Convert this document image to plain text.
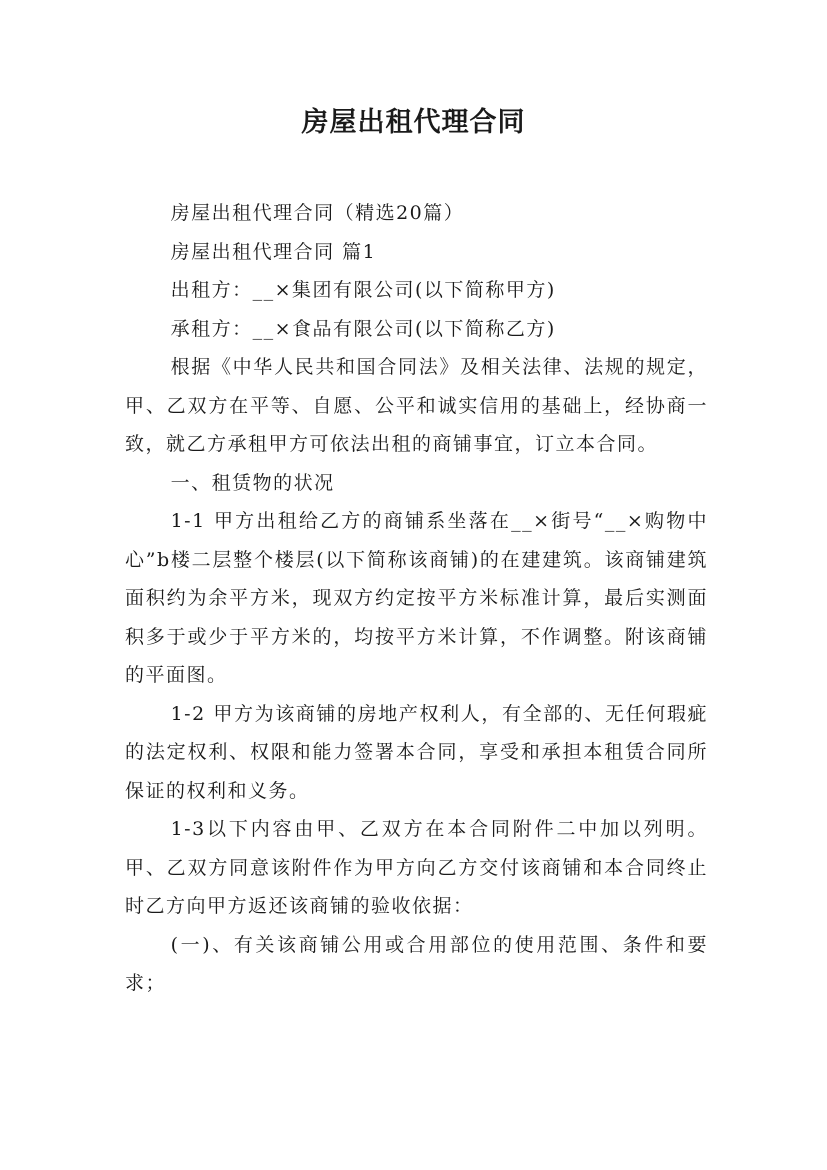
房屋出租代理合同

房屋出租代理合同（精选20篇）

房屋出租代理合同 篇1

出租方：__×集团有限公司(以下简称甲方)

承租方：__×食品有限公司(以下简称乙方)

根据《中华人民共和国合同法》及相关法律、法规的规定，甲、乙双方在平等、自愿、公平和诚实信用的基础上，经协商一致，就乙方承租甲方可依法出租的商铺事宜，订立本合同。

一、租赁物的状况

1-1 甲方出租给乙方的商铺系坐落在__×街号“__×购物中心”b楼二层整个楼层(以下简称该商铺)的在建建筑。该商铺建筑面积约为余平方米，现双方约定按平方米标准计算，最后实测面积多于或少于平方米的，均按平方米计算，不作调整。附该商铺的平面图。

1-2 甲方为该商铺的房地产权利人，有全部的、无任何瑕疵的法定权利、权限和能力签署本合同，享受和承担本租赁合同所保证的权利和义务。

1-3以下内容由甲、乙双方在本合同附件二中加以列明。甲、乙双方同意该附件作为甲方向乙方交付该商铺和本合同终止时乙方向甲方返还该商铺的验收依据：

(一)、有关该商铺公用或合用部位的使用范围、条件和要求；
